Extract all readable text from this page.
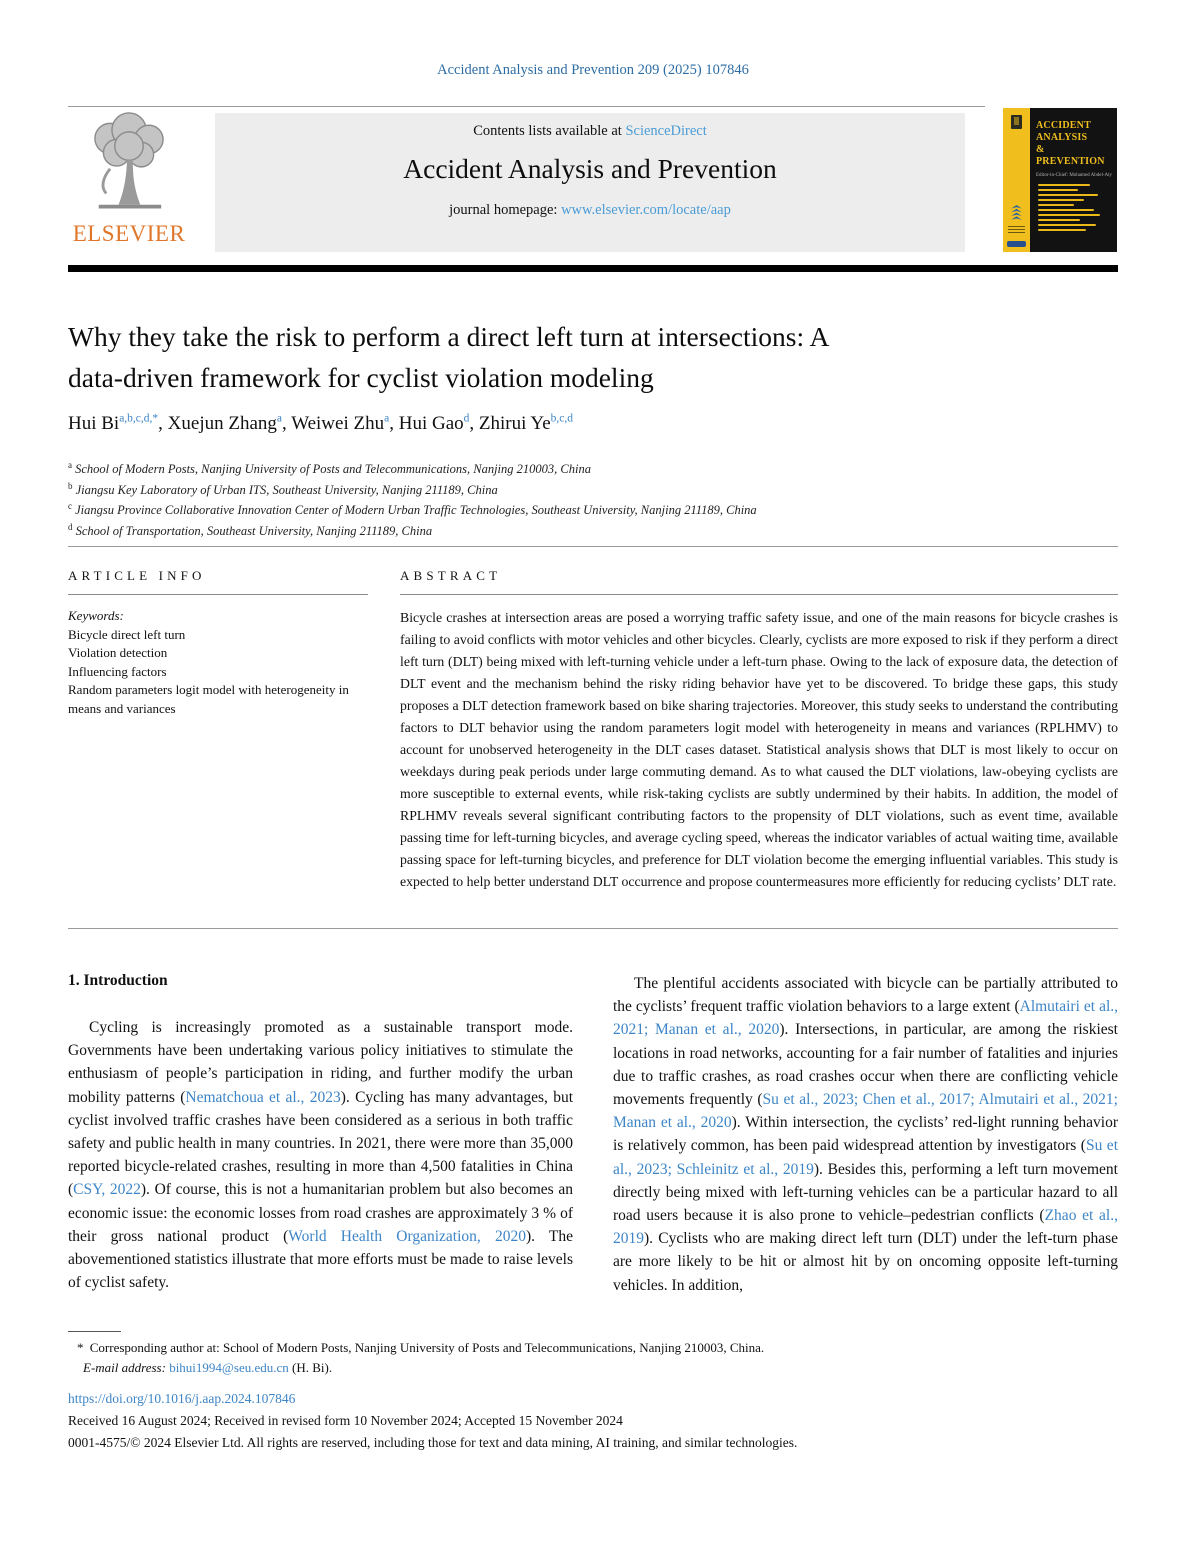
Accident Analysis and Prevention 209 (2025) 107846
ELSEVIER
Contents lists available at ScienceDirect
Accident Analysis and Prevention
journal homepage: www.elsevier.com/locate/aap
ACCIDENT
ANALYSIS
&
PREVENTION
Editor-in-Chief: Mohamed Abdel-Aty
Why they take the risk to perform a direct left turn at intersections: A
data-driven framework for cyclist violation modeling
Hui $Bi^{a,b,c,d,*}$, Xuejun Zhang$^a$, Weiwei Zhu$^a$, Hui Gao$^d$, Zhirui Ye$^{b,c,d}$
$^a$ School of Modern Posts, Nanjing University of Posts and Telecommunications, Nanjing 210003, China
$^b$ Jiangsu Key Laboratory of Urban ITS, Southeast University, Nanjing 211189, China
$^c$ Jiangsu Province Collaborative Innovation Center of Modern Urban Traffic Technologies, Southeast University, Nanjing 211189, China
$^d$ School of Transportation, Southeast University, Nanjing 211189, China
ARTICLE INFO
Keywords:
Bicycle direct left turn
Violation detection
Influencing factors
Random parameters logit model with heterogeneity in means and variances
ABSTRACT
Bicycle crashes at intersection areas are posed a worrying traffic safety issue, and one of the main reasons for bicycle crashes is failing to avoid conflicts with motor vehicles and other bicycles. Clearly, cyclists are more exposed to risk if they perform a direct left turn (DLT) being mixed with left-turning vehicle under a left-turn phase. Owing to the lack of exposure data, the detection of DLT event and the mechanism behind the risky riding behavior have yet to be discovered. To bridge these gaps, this study proposes a DLT detection framework based on bike sharing trajectories. Moreover, this study seeks to understand the contributing factors to DLT behavior using the random parameters logit model with heterogeneity in means and variances (RPLHMV) to account for unobserved heterogeneity in the DLT cases dataset. Statistical analysis shows that DLT is most likely to occur on weekdays during peak periods under large commuting demand. As to what caused the DLT violations, law-obeying cyclists are more susceptible to external events, while risk-taking cyclists are subtly undermined by their habits. In addition, the model of RPLHMV reveals several significant contributing factors to the propensity of DLT violations, such as event time, available passing time for left-turning bicycles, and average cycling speed, whereas the indicator variables of actual waiting time, available passing space for left-turning bicycles, and preference for DLT violation become the emerging influential variables. This study is expected to help better understand DLT occurrence and propose countermeasures more efficiently for reducing cyclists’ DLT rate.
1. Introduction

Cycling is increasingly promoted as a sustainable transport mode. Governments have been undertaking various policy initiatives to stimulate the enthusiasm of people’s participation in riding, and further modify the urban mobility patterns (Nematchoua et al., 2023). Cycling has many advantages, but cyclist involved traffic crashes have been considered as a serious in both traffic safety and public health in many countries. In 2021, there were more than 35,000 reported bicycle-related crashes, resulting in more than 4,500 fatalities in China (CSY, 2022). Of course, this is not a humanitarian problem but also becomes an economic issue: the economic losses from road crashes are approximately 3 % of their gross national product (World Health Organization, 2020). The abovementioned statistics illustrate that more efforts must be made to raise levels of cyclist safety.

The plentiful accidents associated with bicycle can be partially attributed to the cyclists’ frequent traffic violation behaviors to a large extent (Almutairi et al., 2021; Manan et al., 2020). Intersections, in particular, are among the riskiest locations in road networks, accounting for a fair number of fatalities and injuries due to traffic crashes, as road crashes occur when there are conflicting vehicle movements frequently (Su et al., 2023; Chen et al., 2017; Almutairi et al., 2021; Manan et al., 2020). Within intersection, the cyclists’ red-light running behavior is relatively common, has been paid widespread attention by investigators (Su et al., 2023; Schleinitz et al., 2019). Besides this, performing a left turn movement directly being mixed with left-turning vehicles can be a particular hazard to all road users because it is also prone to vehicle–pedestrian conflicts (Zhao et al., 2019). Cyclists who are making direct left turn (DLT) under the left-turn phase are more likely to be hit or almost hit by on oncoming opposite left-turning vehicles. In addition,

* Corresponding author at: School of Modern Posts, Nanjing University of Posts and Telecommunications, Nanjing 210003, China.
E-mail address: bihui1994@seu.edu.cn (H. Bi).
https://doi.org/10.1016/j.aap.2024.107846
Received 16 August 2024; Received in revised form 10 November 2024; Accepted 15 November 2024
0001-4575/© 2024 Elsevier Ltd. All rights are reserved, including those for text and data mining, AI training, and similar technologies.
